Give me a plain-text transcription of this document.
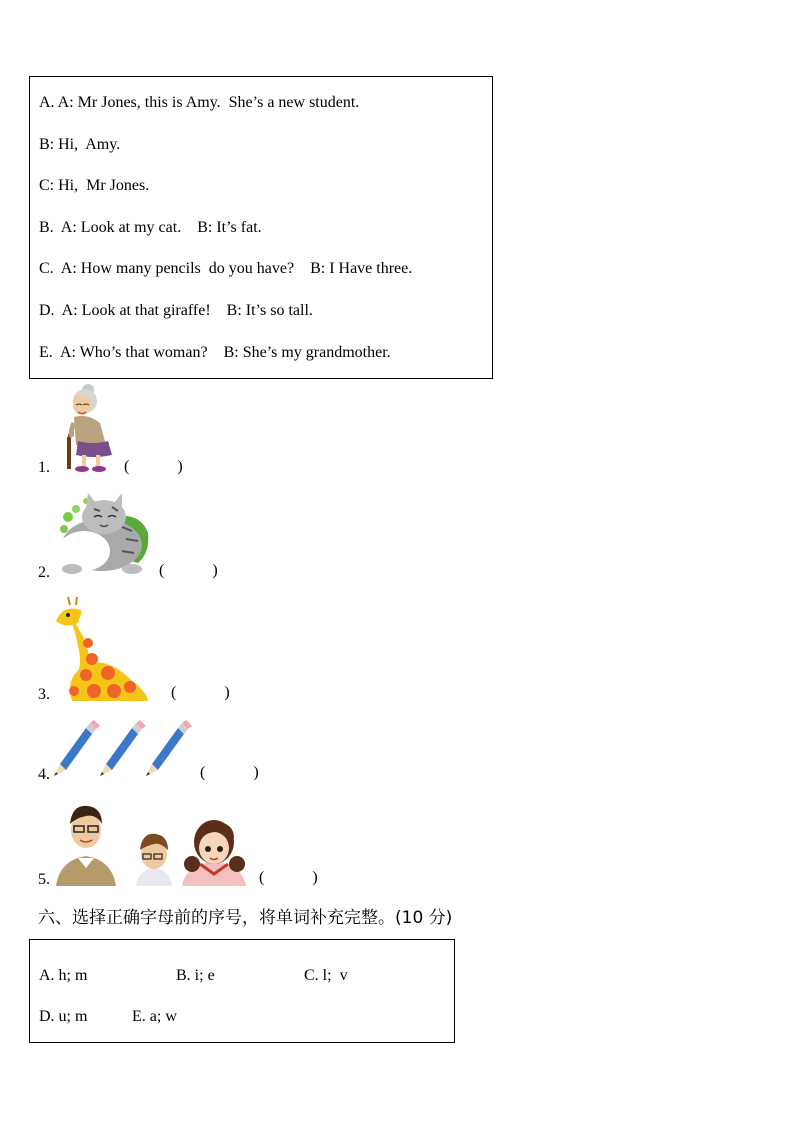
A. A: Mr Jones, this is Amy.  She’s a new student.
B: Hi,  Amy.
C: Hi,  Mr Jones.
B.  A: Look at my cat.    B: It’s fat.
C.  A: How many pencils  do you have?    B: I Have three.
D.  A: Look at that giraffe!    B: It’s so tall.
E.  A: Who’s that woman?    B: She’s my grandmother.
1.	(            )
2.	(            )
3.	(            )
4.	(            )
5.	(            )
六、选择正确字母前的序号，将单词补充完整。(10 分)
A. h; m	B. i; e	C. l;  v
D. u; m	E. a; w
